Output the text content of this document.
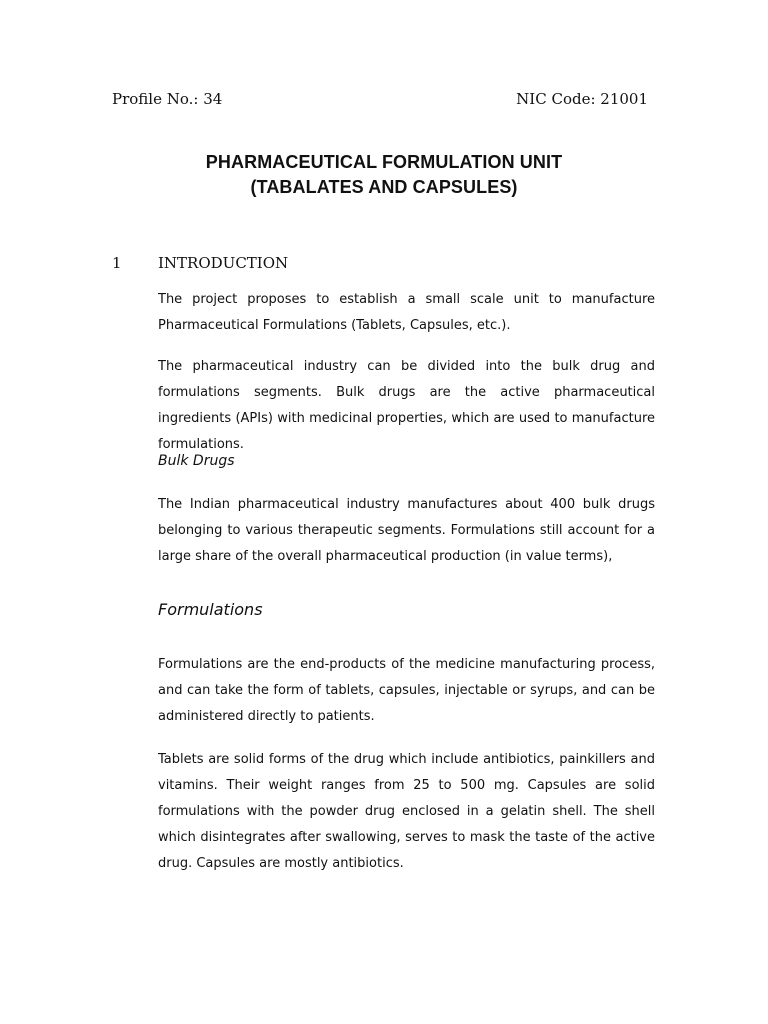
Profile No.: 34	NIC Code: 21001
PHARMACEUTICAL FORMULATION UNIT
(TABALATES AND CAPSULES)
1 INTRODUCTION

The project proposes to establish a small scale unit to manufacture Pharmaceutical Formulations (Tablets, Capsules, etc.).

The pharmaceutical industry can be divided into the bulk drug and formulations segments. Bulk drugs are the active pharmaceutical ingredients (APIs) with medicinal properties, which are used to manufacture formulations.

Bulk Drugs

The Indian pharmaceutical industry manufactures about 400 bulk drugs belonging to various therapeutic segments. Formulations still account for a large share of the overall pharmaceutical production (in value terms),

Formulations

Formulations are the end-products of the medicine manufacturing process, and can take the form of tablets, capsules, injectable or syrups, and can be administered directly to patients.

Tablets are solid forms of the drug which include antibiotics, painkillers and vitamins. Their weight ranges from 25 to 500 mg. Capsules are solid formulations with the powder drug enclosed in a gelatin shell. The shell which disintegrates after swallowing, serves to mask the taste of the active drug. Capsules are mostly antibiotics.
